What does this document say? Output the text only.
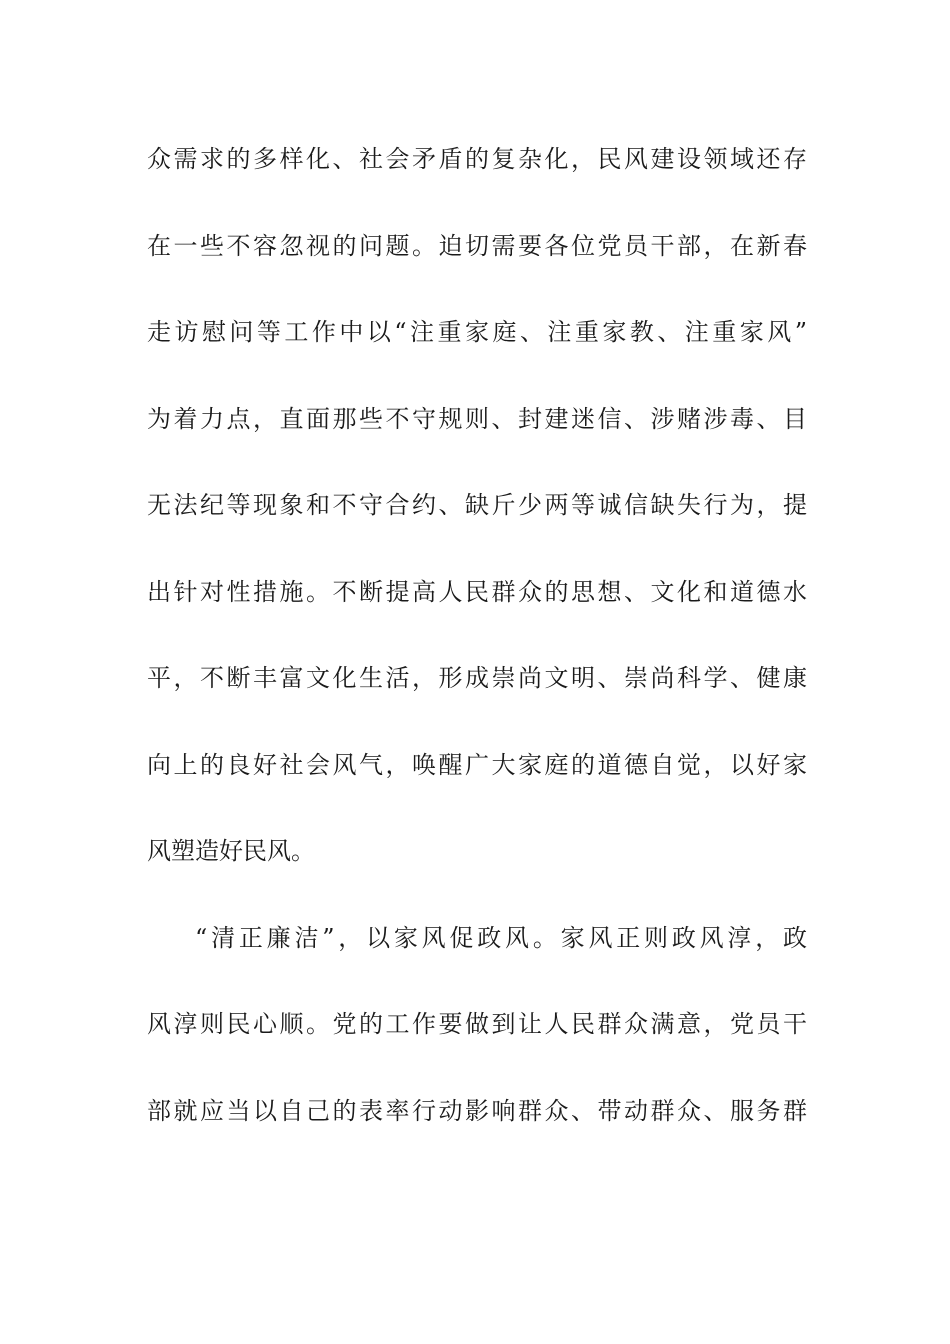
众需求的多样化、社会矛盾的复杂化，民风建设领域还存
在一些不容忽视的问题。迫切需要各位党员干部，在新春
走访慰问等工作中以“注重家庭、注重家教、注重家风”
为着力点，直面那些不守规则、封建迷信、涉赌涉毒、目
无法纪等现象和不守合约、缺斤少两等诚信缺失行为，提
出针对性措施。不断提高人民群众的思想、文化和道德水
平，不断丰富文化生活，形成崇尚文明、崇尚科学、健康
向上的良好社会风气，唤醒广大家庭的道德自觉，以好家
风塑造好民风。
“清正廉洁”，以家风促政风。家风正则政风淳，政
风淳则民心顺。党的工作要做到让人民群众满意，党员干
部就应当以自己的表率行动影响群众、带动群众、服务群
